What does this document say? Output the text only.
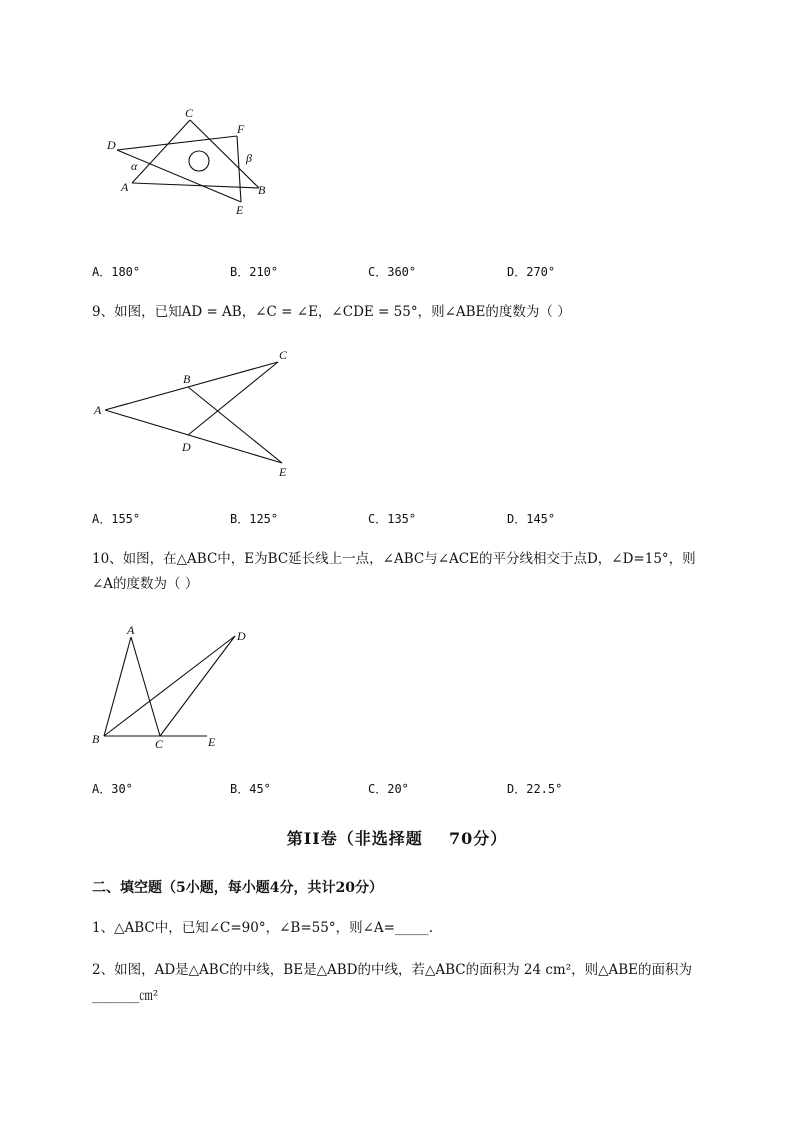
C
F
D
α
β
A	B
E
A．180°	B．210°	C．360°	D．270°
9、如图，已知AD = AB，∠C = ∠E，∠CDE = 55°，则∠ABE的度数为（ ）
A
B
C
D
E
A．155°	B．125°	C．135°	D．145°
10、如图，在△ABC中，E为BC延长线上一点，∠ABC与∠ACE的平分线相交于点D，∠D=15°，则
∠A的度数为（ ）
A	D
B	C	E
A．30°	B．45°	C．20°	D．22.5°
第II卷（非选择题    70分）
二、填空题（5小题，每小题4分，共计20分）
1、△ABC中，已知∠C=90°，∠B=55°，则∠A=_____.
2、如图，AD是△ABC的中线，BE是△ABD的中线，若△ABC的面积为 24 cm²，则△ABE的面积为
_______㎝²
